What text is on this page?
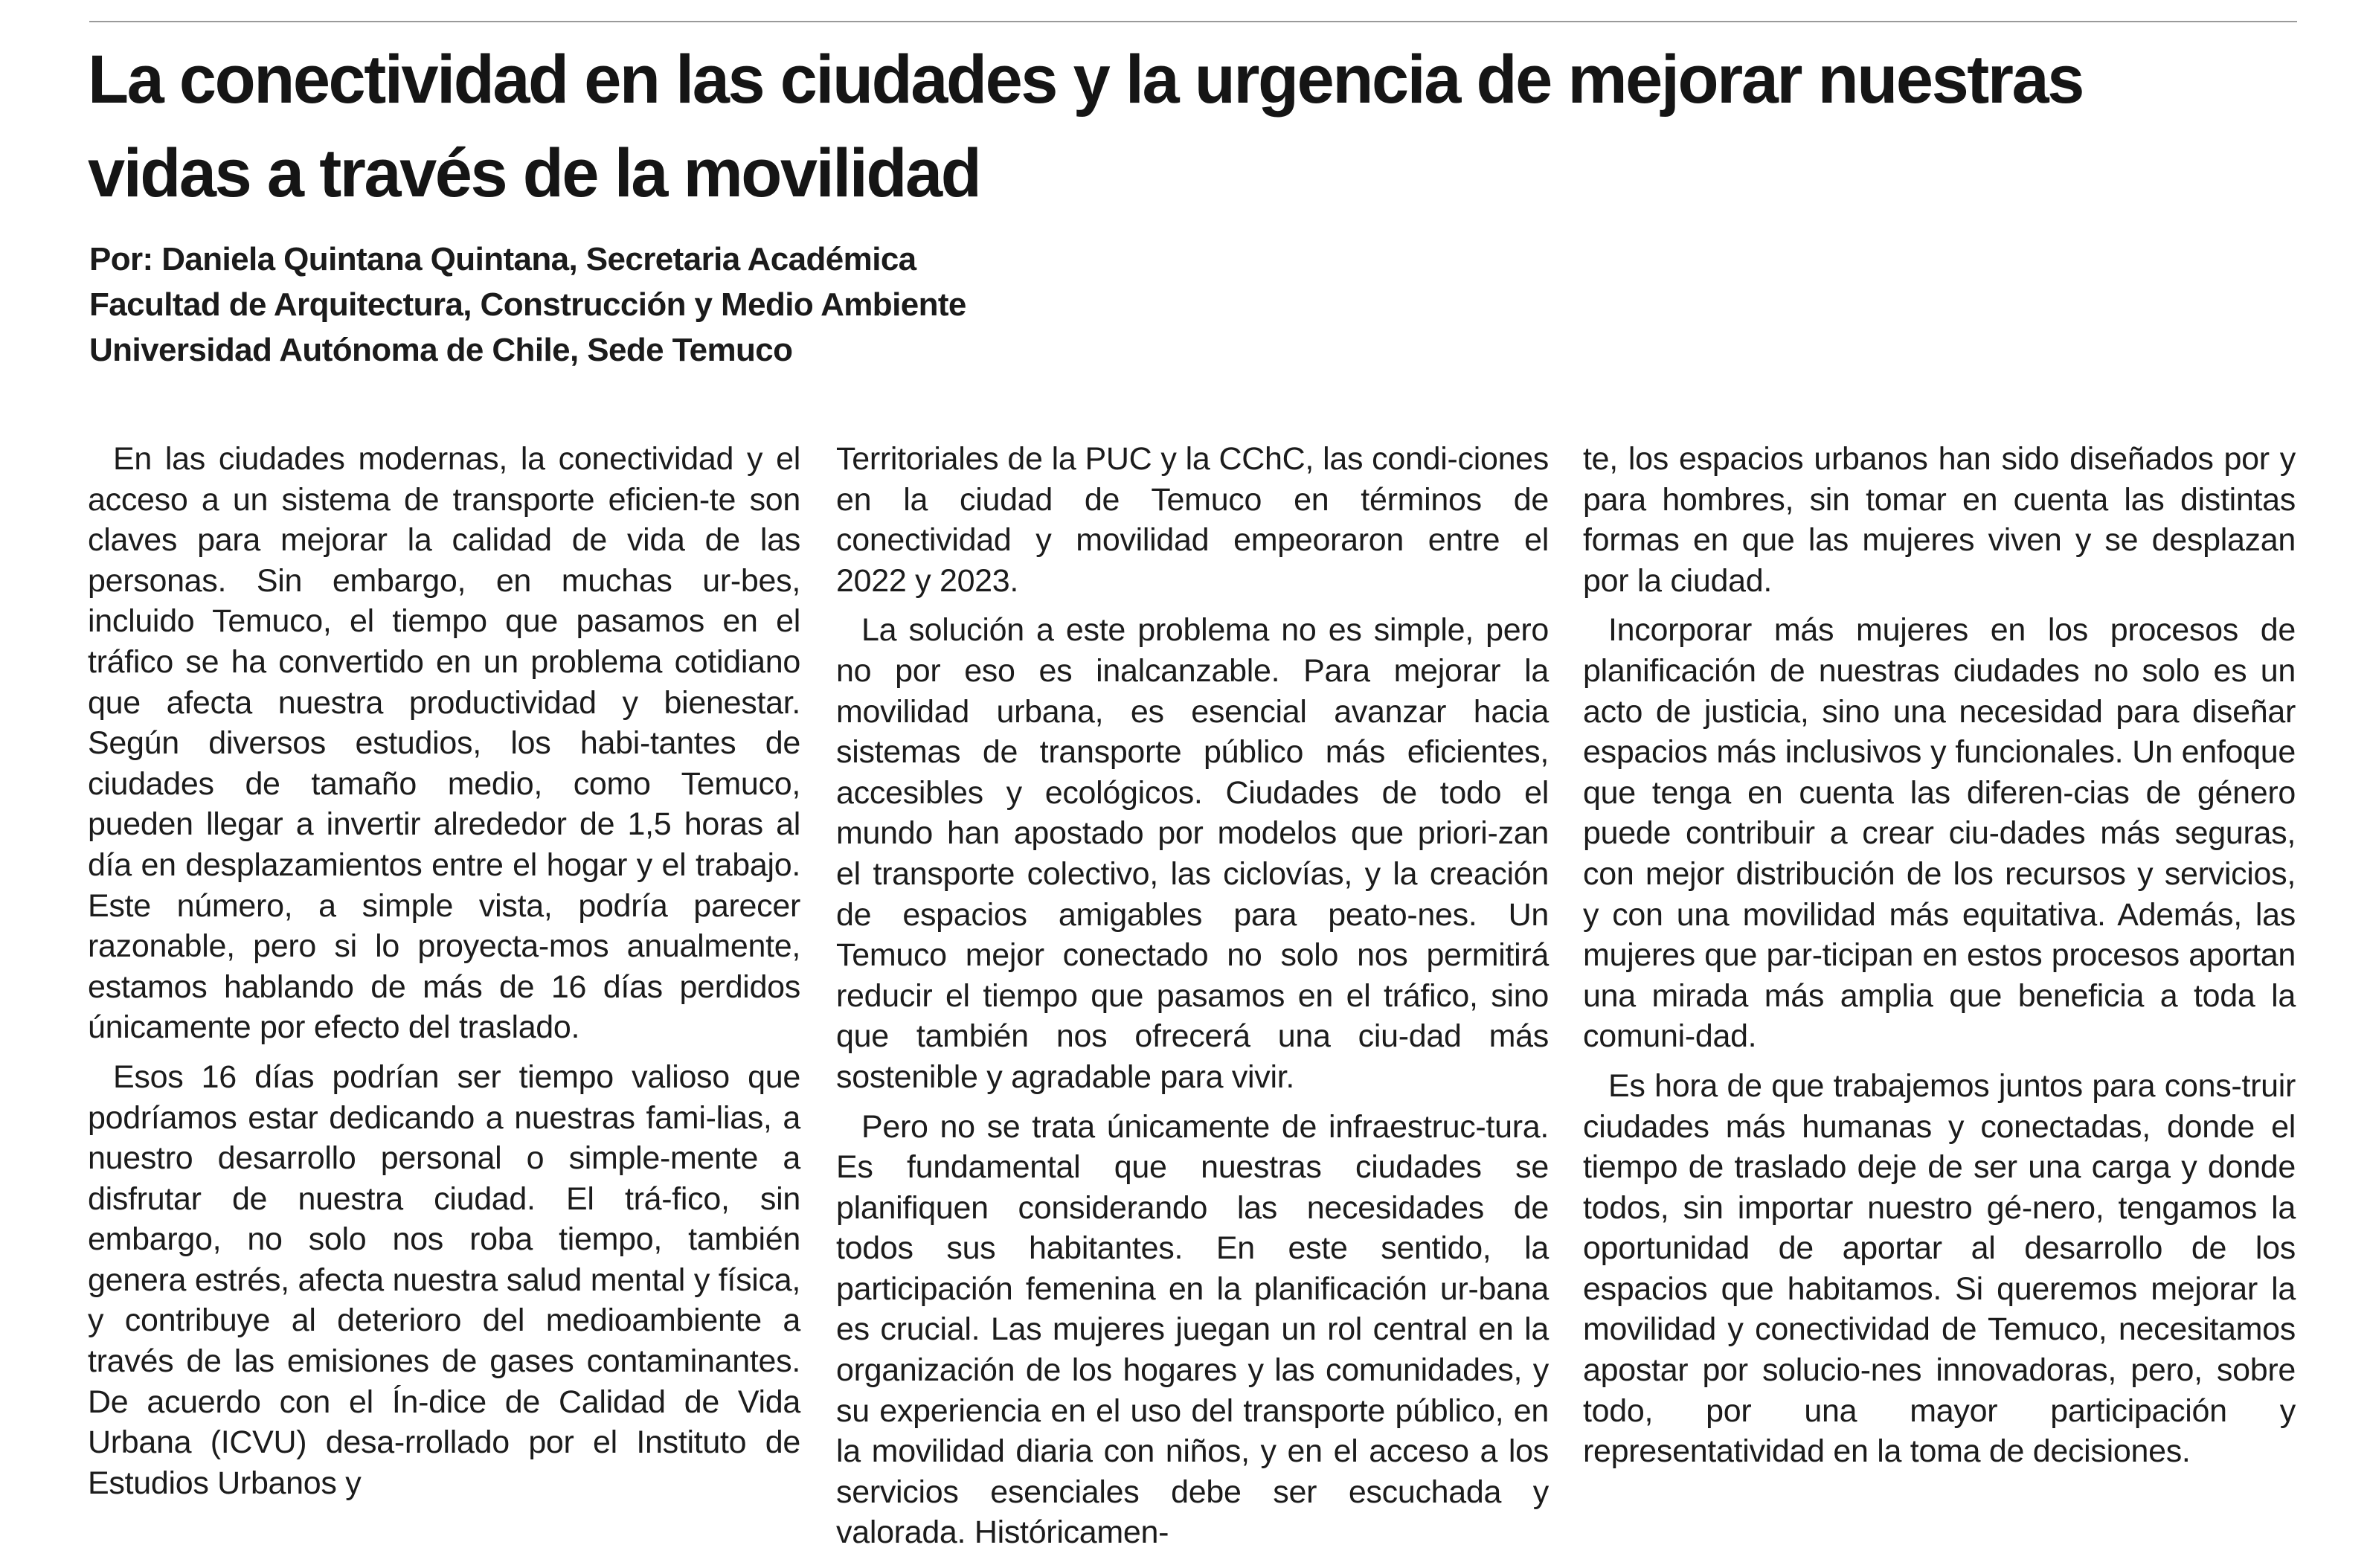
La conectividad en las ciudades y la urgencia de mejorar nuestras vidas a través de la movilidad
Por: Daniela Quintana Quintana, Secretaria Académica
Facultad de Arquitectura, Construcción y Medio Ambiente
Universidad Autónoma de Chile, Sede Temuco

En las ciudades modernas, la conectividad y el acceso a un sistema de transporte eficien-te son claves para mejorar la calidad de vida de las personas. Sin embargo, en muchas ur-bes, incluido Temuco, el tiempo que pasamos en el tráfico se ha convertido en un problema cotidiano que afecta nuestra productividad y bienestar. Según diversos estudios, los habi-tantes de ciudades de tamaño medio, como Temuco, pueden llegar a invertir alrededor de 1,5 horas al día en desplazamientos entre el hogar y el trabajo. Este número, a simple vista, podría parecer razonable, pero si lo proyecta-mos anualmente, estamos hablando de más de 16 días perdidos únicamente por efecto del traslado.

Esos 16 días podrían ser tiempo valioso que podríamos estar dedicando a nuestras fami-lias, a nuestro desarrollo personal o simple-mente a disfrutar de nuestra ciudad. El trá-fico, sin embargo, no solo nos roba tiempo, también genera estrés, afecta nuestra salud mental y física, y contribuye al deterioro del medioambiente a través de las emisiones de gases contaminantes. De acuerdo con el Ín-dice de Calidad de Vida Urbana (ICVU) desa-rrollado por el Instituto de Estudios Urbanos y

Territoriales de la PUC y la CChC, las condi-ciones en la ciudad de Temuco en términos de conectividad y movilidad empeoraron entre el 2022 y 2023.

La solución a este problema no es simple, pero no por eso es inalcanzable. Para mejorar la movilidad urbana, es esencial avanzar hacia sistemas de transporte público más eficientes, accesibles y ecológicos. Ciudades de todo el mundo han apostado por modelos que priori-zan el transporte colectivo, las ciclovías, y la creación de espacios amigables para peato-nes. Un Temuco mejor conectado no solo nos permitirá reducir el tiempo que pasamos en el tráfico, sino que también nos ofrecerá una ciu-dad más sostenible y agradable para vivir.

Pero no se trata únicamente de infraestruc-tura. Es fundamental que nuestras ciudades se planifiquen considerando las necesidades de todos sus habitantes. En este sentido, la participación femenina en la planificación ur-bana es crucial. Las mujeres juegan un rol central en la organización de los hogares y las comunidades, y su experiencia en el uso del transporte público, en la movilidad diaria con niños, y en el acceso a los servicios esenciales debe ser escuchada y valorada. Históricamen-

te, los espacios urbanos han sido diseñados por y para hombres, sin tomar en cuenta las distintas formas en que las mujeres viven y se desplazan por la ciudad.

Incorporar más mujeres en los procesos de planificación de nuestras ciudades no solo es un acto de justicia, sino una necesidad para diseñar espacios más inclusivos y funcionales. Un enfoque que tenga en cuenta las diferen-cias de género puede contribuir a crear ciu-dades más seguras, con mejor distribución de los recursos y servicios, y con una movilidad más equitativa. Además, las mujeres que par-ticipan en estos procesos aportan una mirada más amplia que beneficia a toda la comuni-dad.

Es hora de que trabajemos juntos para cons-truir ciudades más humanas y conectadas, donde el tiempo de traslado deje de ser una carga y donde todos, sin importar nuestro gé-nero, tengamos la oportunidad de aportar al desarrollo de los espacios que habitamos. Si queremos mejorar la movilidad y conectividad de Temuco, necesitamos apostar por solucio-nes innovadoras, pero, sobre todo, por una mayor participación y representatividad en la toma de decisiones.
